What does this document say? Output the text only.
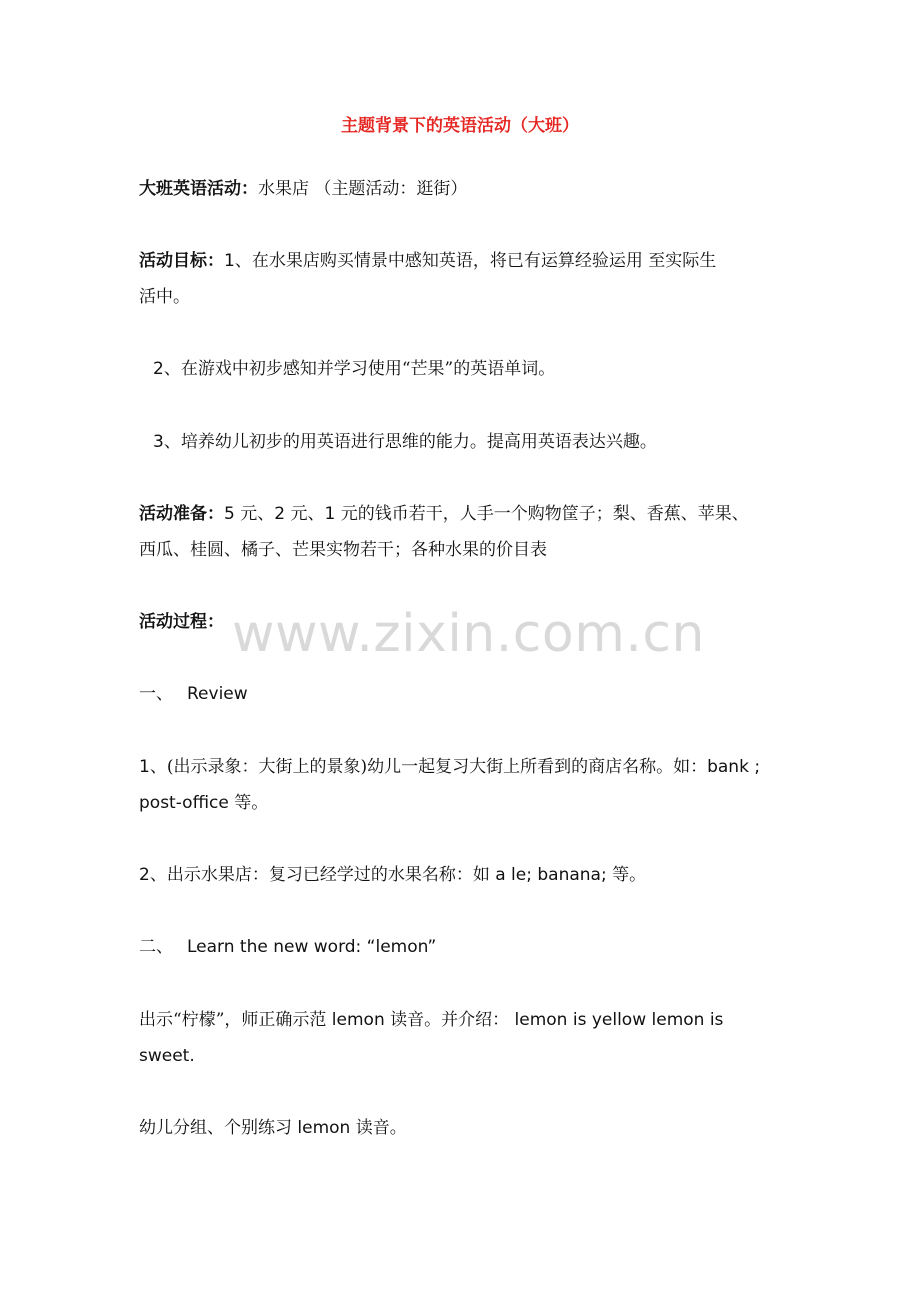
主题背景下的英语活动（大班）
大班英语活动：水果店 （主题活动：逛街）
活动目标：1、在水果店购买情景中感知英语，将已有运算经验运用 至实际生
活中。
2、在游戏中初步感知并学习使用“芒果”的英语单词。
3、培养幼儿初步的用英语进行思维的能力。提高用英语表达兴趣。
活动准备：5 元、2 元、1 元的钱币若干，人手一个购物筐子；梨、香蕉、苹果、
西瓜、桂圆、橘子、芒果实物若干；各种水果的价目表
活动过程：
一、 Review
1、(出示录象：大街上的景象)幼儿一起复习大街上所看到的商店名称。如：bank ;
post-office 等。
2、出示水果店：复习已经学过的水果名称：如 a le; banana; 等。
二、 Learn the new word: “lemon”
出示“柠檬”，师正确示范 lemon 读音。并介绍： lemon is yellow lemon is
sweet.
幼儿分组、个别练习 lemon 读音。
www.zixin.com.cn
